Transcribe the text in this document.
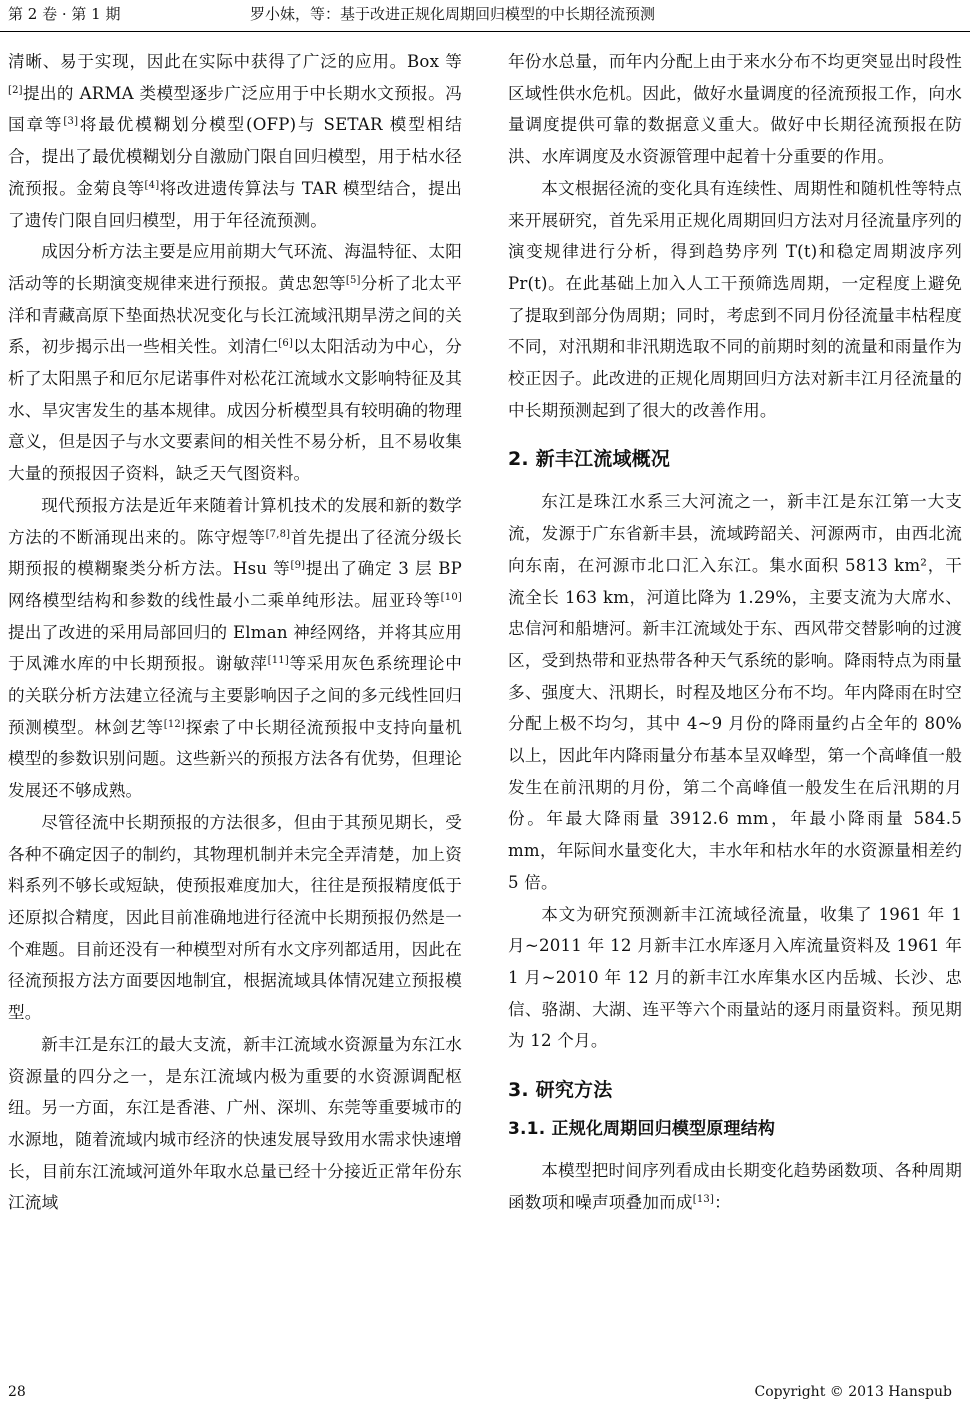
第 2 卷 · 第 1 期	罗小妹，等：基于改进正规化周期回归模型的中长期径流预测

清晰、易于实现，因此在实际中获得了广泛的应用。Box 等[2]提出的 ARMA 类模型逐步广泛应用于中长期水文预报。冯国章等[3]将最优模糊划分模型(OFP)与 SETAR 模型相结合，提出了最优模糊划分自激励门限自回归模型，用于枯水径流预报。金菊良等[4]将改进遗传算法与 TAR 模型结合，提出了遗传门限自回归模型，用于年径流预测。

成因分析方法主要是应用前期大气环流、海温特征、太阳活动等的长期演变规律来进行预报。黄忠恕等[5]分析了北太平洋和青藏高原下垫面热状况变化与长江流域汛期旱涝之间的关系，初步揭示出一些相关性。刘清仁[6]以太阳活动为中心，分析了太阳黑子和厄尔尼诺事件对松花江流域水文影响特征及其水、旱灾害发生的基本规律。成因分析模型具有较明确的物理意义，但是因子与水文要素间的相关性不易分析，且不易收集大量的预报因子资料，缺乏天气图资料。

现代预报方法是近年来随着计算机技术的发展和新的数学方法的不断涌现出来的。陈守煜等[7,8]首先提出了径流分级长期预报的模糊聚类分析方法。Hsu 等[9]提出了确定 3 层 BP 网络模型结构和参数的线性最小二乘单纯形法。屈亚玲等[10]提出了改进的采用局部回归的 Elman 神经网络，并将其应用于凤滩水库的中长期预报。谢敏萍[11]等采用灰色系统理论中的关联分析方法建立径流与主要影响因子之间的多元线性回归预测模型。林剑艺等[12]探索了中长期径流预报中支持向量机模型的参数识别问题。这些新兴的预报方法各有优势，但理论发展还不够成熟。

尽管径流中长期预报的方法很多，但由于其预见期长，受各种不确定因子的制约，其物理机制并未完全弄清楚，加上资料系列不够长或短缺，使预报难度加大，往往是预报精度低于还原拟合精度，因此目前准确地进行径流中长期预报仍然是一个难题。目前还没有一种模型对所有水文序列都适用，因此在径流预报方法方面要因地制宜，根据流域具体情况建立预报模型。

新丰江是东江的最大支流，新丰江流域水资源量为东江水资源量的四分之一，是东江流域内极为重要的水资源调配枢纽。另一方面，东江是香港、广州、深圳、东莞等重要城市的水源地，随着流域内城市经济的快速发展导致用水需求快速增长，目前东江流域河道外年取水总量已经十分接近正常年份东江流域

年份水总量，而年内分配上由于来水分布不均更突显出时段性区域性供水危机。因此，做好水量调度的径流预报工作，向水量调度提供可靠的数据意义重大。做好中长期径流预报在防洪、水库调度及水资源管理中起着十分重要的作用。

本文根据径流的变化具有连续性、周期性和随机性等特点来开展研究，首先采用正规化周期回归方法对月径流量序列的演变规律进行分析，得到趋势序列 T(t)和稳定周期波序列 Pr(t)。在此基础上加入人工干预筛选周期，一定程度上避免了提取到部分伪周期；同时，考虑到不同月份径流量丰枯程度不同，对汛期和非汛期选取不同的前期时刻的流量和雨量作为校正因子。此改进的正规化周期回归方法对新丰江月径流量的中长期预测起到了很大的改善作用。

2. 新丰江流域概况

东江是珠江水系三大河流之一，新丰江是东江第一大支流，发源于广东省新丰县，流域跨韶关、河源两市，由西北流向东南，在河源市北口汇入东江。集水面积 5813 km²，干流全长 163 km，河道比降为 1.29%，主要支流为大席水、忠信河和船塘河。新丰江流域处于东、西风带交替影响的过渡区，受到热带和亚热带各种天气系统的影响。降雨特点为雨量多、强度大、汛期长，时程及地区分布不均。年内降雨在时空分配上极不均匀，其中 4~9 月份的降雨量约占全年的 80%以上，因此年内降雨量分布基本呈双峰型，第一个高峰值一般发生在前汛期的月份，第二个高峰值一般发生在后汛期的月份。年最大降雨量 3912.6 mm，年最小降雨量 584.5 mm，年际间水量变化大，丰水年和枯水年的水资源量相差约 5 倍。

本文为研究预测新丰江流域径流量，收集了 1961 年 1 月~2011 年 12 月新丰江水库逐月入库流量资料及 1961 年 1 月~2010 年 12 月的新丰江水库集水区内岳城、长沙、忠信、骆湖、大湖、连平等六个雨量站的逐月雨量资料。预见期为 12 个月。

3. 研究方法
3.1. 正规化周期回归模型原理结构

本模型把时间序列看成由长期变化趋势函数项、各种周期函数项和噪声项叠加而成[13]：

28	Copyright © 2013 Hanspub
